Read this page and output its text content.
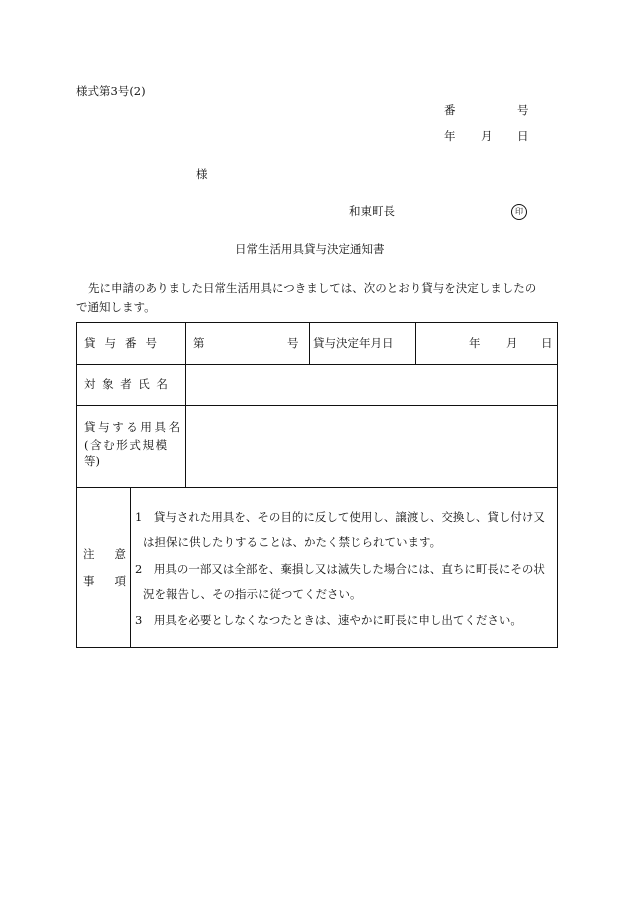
様式第3号(2)
番	号
年 月 日
様
和東町長	印
日常生活用具貸与決定通知書
先に申請のありました日常生活用具につきましては、次のとおり貸与を決定しましたの
で通知します。
貸与番号 第	号 貸与決定年月日	年 月 日
対象者氏名
貸与する用具名
(含む形式規模
等)
注意
事項
1　貸与された用具を、その目的に反して使用し、譲渡し、交換し、貸し付け又
は担保に供したりすることは、かたく禁じられています。
2　用具の一部又は全部を、棄損し又は滅失した場合には、直ちに町長にその状
況を報告し、その指示に従つてください。
3　用具を必要としなくなつたときは、速やかに町長に申し出てください。
